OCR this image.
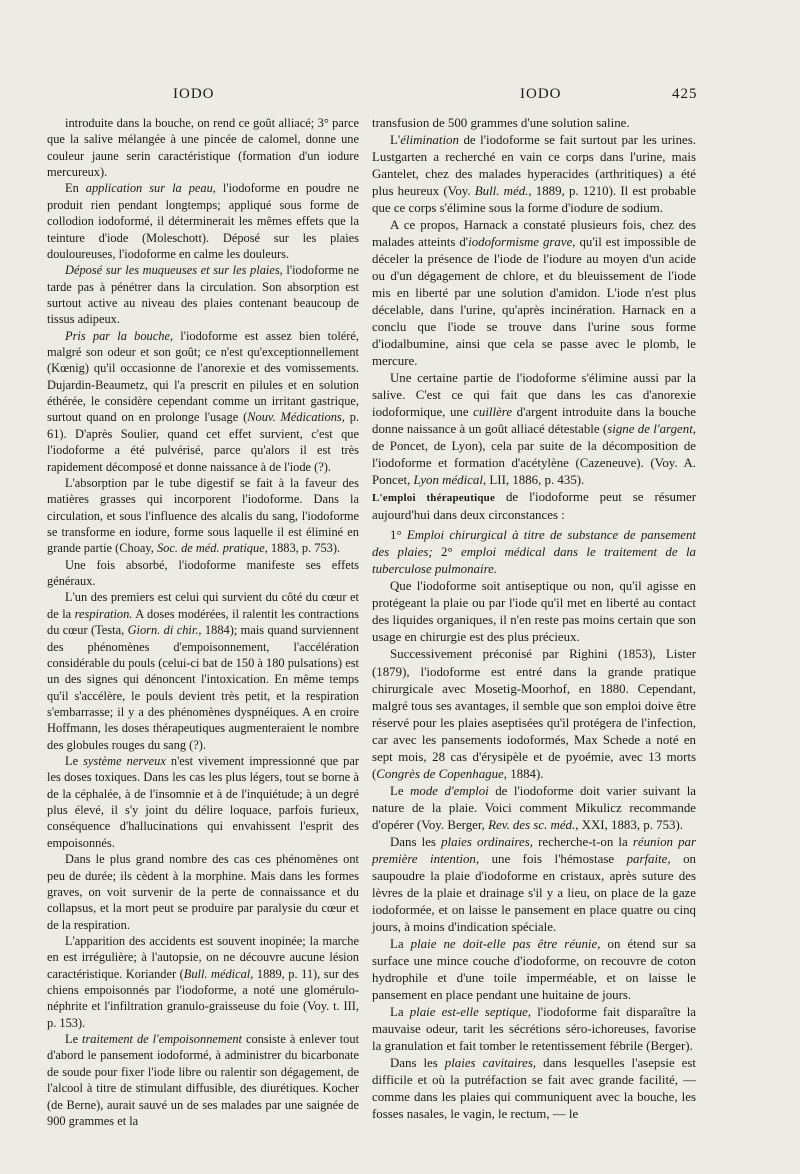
IODO	IODO	425

introduite dans la bouche, on rend ce goût alliacé; 3° parce que la salive mélangée à une pincée de calomel, donne une couleur jaune serin caractéristique (formation d'un iodure mercureux).

En application sur la peau, l'iodoforme en poudre ne produit rien pendant longtemps; appliqué sous forme de collodion iodoformé, il déterminerait les mêmes effets que la teinture d'iode (Moleschott). Déposé sur les plaies douloureuses, l'iodoforme en calme les douleurs.

Déposé sur les muqueuses et sur les plaies, l'iodoforme ne tarde pas à pénétrer dans la circulation. Son absorption est surtout active au niveau des plaies contenant beaucoup de tissus adipeux.

Pris par la bouche, l'iodoforme est assez bien toléré, malgré son odeur et son goût; ce n'est qu'exceptionnellement (Kœnig) qu'il occasionne de l'anorexie et des vomissements. Dujardin-Beaumetz, qui l'a prescrit en pilules et en solution éthérée, le considère cependant comme un irritant gastrique, surtout quand on en prolonge l'usage (Nouv. Médications, p. 61). D'après Soulier, quand cet effet survient, c'est que l'iodoforme a été pulvérisé, parce qu'alors il est très rapidement décomposé et donne naissance à de l'iode (?).

L'absorption par le tube digestif se fait à la faveur des matières grasses qui incorporent l'iodoforme. Dans la circulation, et sous l'influence des alcalis du sang, l'iodoforme se transforme en iodure, forme sous laquelle il est éliminé en grande partie (Choay, Soc. de méd. pratique, 1883, p. 753).

Une fois absorbé, l'iodoforme manifeste ses effets généraux.

L'un des premiers est celui qui survient du côté du cœur et de la respiration. A doses modérées, il ralentit les contractions du cœur (Testa, Giorn. di chir., 1884); mais quand surviennent des phénomènes d'empoisonnement, l'accélération considérable du pouls (celui-ci bat de 150 à 180 pulsations) est un des signes qui dénoncent l'intoxication. En même temps qu'il s'accélère, le pouls devient très petit, et la respiration s'embarrasse; il y a des phénomènes dyspnéiques. A en croire Hoffmann, les doses thérapeutiques augmenteraient le nombre des globules rouges du sang (?).

Le système nerveux n'est vivement impressionné que par les doses toxiques. Dans les cas les plus légers, tout se borne à de la céphalée, à de l'insomnie et à de l'inquiétude; à un degré plus élevé, il s'y joint du délire loquace, parfois furieux, conséquence d'hallucinations qui envahissent l'esprit des empoisonnés.

Dans le plus grand nombre des cas ces phénomènes ont peu de durée; ils cèdent à la morphine. Mais dans les formes graves, on voit survenir de la perte de connaissance et du collapsus, et la mort peut se produire par paralysie du cœur et de la respiration.

L'apparition des accidents est souvent inopinée; la marche en est irrégulière; à l'autopsie, on ne découvre aucune lésion caractéristique. Koriander (Bull. médical, 1889, p. 11), sur des chiens empoisonnés par l'iodoforme, a noté une glomérulo-néphrite et l'infiltration granulo-graisseuse du foie (Voy. t. III, p. 153).

Le traitement de l'empoisonnement consiste à enlever tout d'abord le pansement iodoformé, à administrer du bicarbonate de soude pour fixer l'iode libre ou ralentir son dégagement, de l'alcool à titre de stimulant diffusible, des diurétiques. Kocher (de Berne), aurait sauvé un de ses malades par une saignée de 900 grammes et la

transfusion de 500 grammes d'une solution saline.

L'élimination de l'iodoforme se fait surtout par les urines. Lustgarten a recherché en vain ce corps dans l'urine, mais Gantelet, chez des malades hyperacides (arthritiques) a été plus heureux (Voy. Bull. méd., 1889, p. 1210). Il est probable que ce corps s'élimine sous la forme d'iodure de sodium.

A ce propos, Harnack a constaté plusieurs fois, chez des malades atteints d'iodoformisme grave, qu'il est impossible de déceler la présence de l'iode de l'iodure au moyen d'un acide ou d'un dégagement de chlore, et du bleuissement de l'iode mis en liberté par une solution d'amidon. L'iode n'est plus décelable, dans l'urine, qu'après incinération. Harnack en a conclu que l'iode se trouve dans l'urine sous forme d'iodalbumine, ainsi que cela se passe avec le plomb, le mercure.

Une certaine partie de l'iodoforme s'élimine aussi par la salive. C'est ce qui fait que dans les cas d'anorexie iodoformique, une cuillère d'argent introduite dans la bouche donne naissance à un goût alliacé détestable (signe de l'argent, de Poncet, de Lyon), cela par suite de la décomposition de l'iodoforme et formation d'acétylène (Cazeneuve). (Voy. A. Poncet, Lyon médical, LII, 1886, p. 435).

L'emploi thérapeutique de l'iodoforme peut se résumer aujourd'hui dans deux circonstances :

1° Emploi chirurgical à titre de substance de pansement des plaies; 2° emploi médical dans le traitement de la tuberculose pulmonaire.

Que l'iodoforme soit antiseptique ou non, qu'il agisse en protégeant la plaie ou par l'iode qu'il met en liberté au contact des liquides organiques, il n'en reste pas moins certain que son usage en chirurgie est des plus précieux.

Successivement préconisé par Righini (1853), Lister (1879), l'iodoforme est entré dans la grande pratique chirurgicale avec Mosetig-Moorhof, en 1880. Cependant, malgré tous ses avantages, il semble que son emploi doive être réservé pour les plaies aseptisées qu'il protégera de l'infection, car avec les pansements iodoformés, Max Schede a noté en sept mois, 28 cas d'érysipèle et de pyoémie, avec 13 morts (Congrès de Copenhague, 1884).

Le mode d'emploi de l'iodoforme doit varier suivant la nature de la plaie. Voici comment Mikulicz recommande d'opérer (Voy. Berger, Rev. des sc. méd., XXI, 1883, p. 753).

Dans les plaies ordinaires, recherche-t-on la réunion par première intention, une fois l'hémostase parfaite, on saupoudre la plaie d'iodoforme en cristaux, après suture des lèvres de la plaie et drainage s'il y a lieu, on place de la gaze iodoformée, et on laisse le pansement en place quatre ou cinq jours, à moins d'indication spéciale.

La plaie ne doit-elle pas être réunie, on étend sur sa surface une mince couche d'iodoforme, on recouvre de coton hydrophile et d'une toile imperméable, et on laisse le pansement en place pendant une huitaine de jours.

La plaie est-elle septique, l'iodoforme fait disparaître la mauvaise odeur, tarit les sécrétions séro-ichoreuses, favorise la granulation et fait tomber le retentissement fébrile (Berger).

Dans les plaies cavitaires, dans lesquelles l'asepsie est difficile et où la putréfaction se fait avec grande facilité, — comme dans les plaies qui communiquent avec la bouche, les fosses nasales, le vagin, le rectum, — le
